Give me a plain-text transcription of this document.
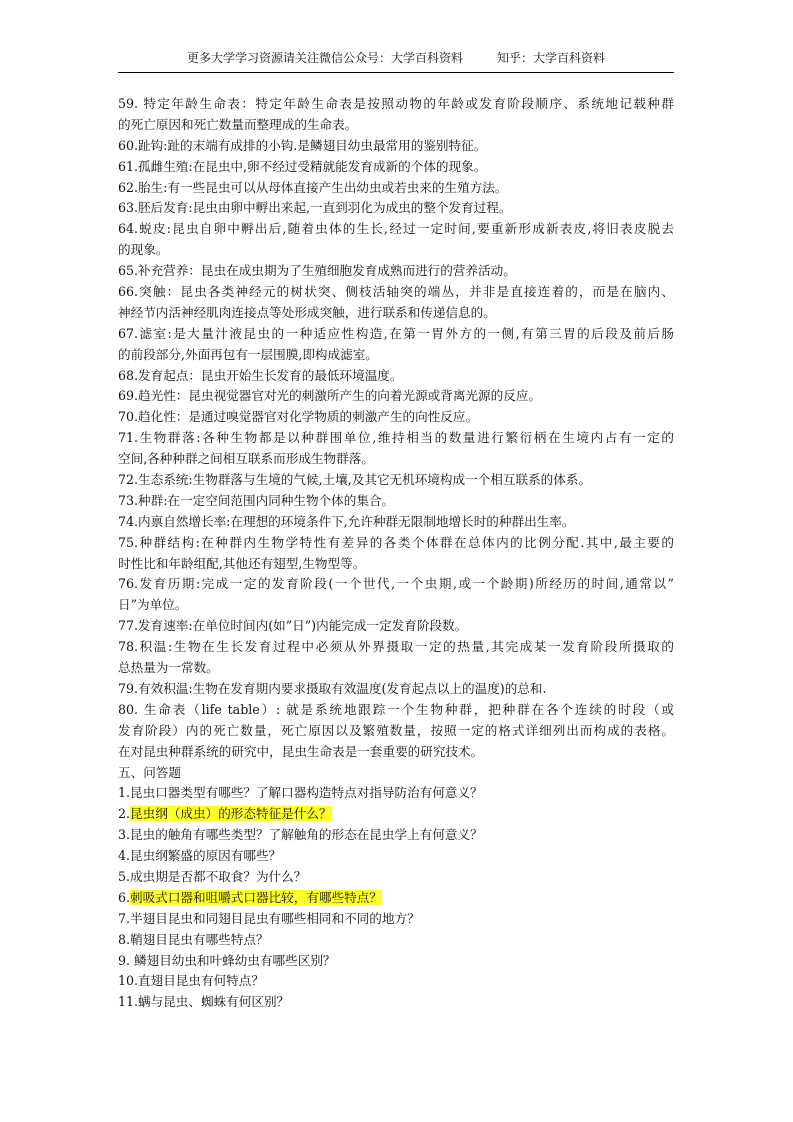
更多大学学习资源请关注微信公众号：大学百科资料	知乎：大学百科资料
59. 特定年龄生命表：特定年龄生命表是按照动物的年龄或发育阶段顺序、系统地记载种群
的死亡原因和死亡数量而整理成的生命表。
60.趾钩:趾的末端有成排的小钩.是鳞翅目幼虫最常用的鉴别特征。
61.孤雌生殖:在昆虫中,卵不经过受精就能发育成新的个体的现象。
62.胎生:有一些昆虫可以从母体直接产生出幼虫或若虫来的生殖方法。
63.胚后发育:昆虫由卵中孵出来起,一直到羽化为成虫的整个发育过程。
64.蜕皮:昆虫自卵中孵出后,随着虫体的生长,经过一定时间,要重新形成新表皮,将旧表皮脱去
的现象。
65.补充营养：昆虫在成虫期为了生殖细胞发育成熟而进行的营养活动。
66.突触：昆虫各类神经元的树状突、侧枝活轴突的端丛，并非是直接连着的，而是在脑内、
神经节内活神经肌肉连接点等处形成突触，进行联系和传递信息的。
67.滤室:是大量汁液昆虫的一种适应性构造,在第一胃外方的一侧,有第三胃的后段及前后肠
的前段部分,外面再包有一层围膜,即构成滤室。
68.发育起点：昆虫开始生长发育的最低环境温度。
69.趋光性：昆虫视觉器官对光的刺激所产生的向着光源或背离光源的反应。
70.趋化性：是通过嗅觉器官对化学物质的刺激产生的向性反应。
71.生物群落:各种生物都是以种群围单位,维持相当的数量进行繁衍柄在生境内占有一定的
空间,各种种群之间相互联系而形成生物群落。
72.生态系统:生物群落与生境的气候,土壤,及其它无机环境构成一个相互联系的体系。
73.种群:在一定空间范围内同种生物个体的集合。
74.内禀自然增长率:在理想的环境条件下,允许种群无限制地增长时的种群出生率。
75.种群结构:在种群内生物学特性有差异的各类个体群在总体内的比例分配.其中,最主要的
时性比和年龄组配,其他还有翅型,生物型等。
76.发育历期:完成一定的发育阶段(一个世代,一个虫期,或一个龄期)所经历的时间,通常以”
日”为单位。
77.发育速率:在单位时间内(如”日”)内能完成一定发育阶段数。
78.积温:生物在生长发育过程中必须从外界摄取一定的热量,其完成某一发育阶段所摄取的
总热量为一常数。
79.有效积温:生物在发育期内要求摄取有效温度(发育起点以上的温度)的总和.
80. 生命表（life table）: 就是系统地跟踪一个生物种群，把种群在各个连续的时段（或
发育阶段）内的死亡数量，死亡原因以及繁殖数量，按照一定的格式详细列出而构成的表格。
在对昆虫种群系统的研究中，昆虫生命表是一套重要的研究技术。
五、问答题
1.昆虫口器类型有哪些？了解口器构造特点对指导防治有何意义？
2.昆虫纲（成虫）的形态特征是什么？
3.昆虫的触角有哪些类型？了解触角的形态在昆虫学上有何意义？
4.昆虫纲繁盛的原因有哪些？
5.成虫期是否都不取食？为什么？
6.刺吸式口器和咀嚼式口器比较，有哪些特点？
7.半翅目昆虫和同翅目昆虫有哪些相同和不同的地方？
8.鞘翅目昆虫有哪些特点？
9. 鳞翅目幼虫和叶蜂幼虫有哪些区别？
10.直翅目昆虫有何特点？
11.螨与昆虫、蜘蛛有何区别？
